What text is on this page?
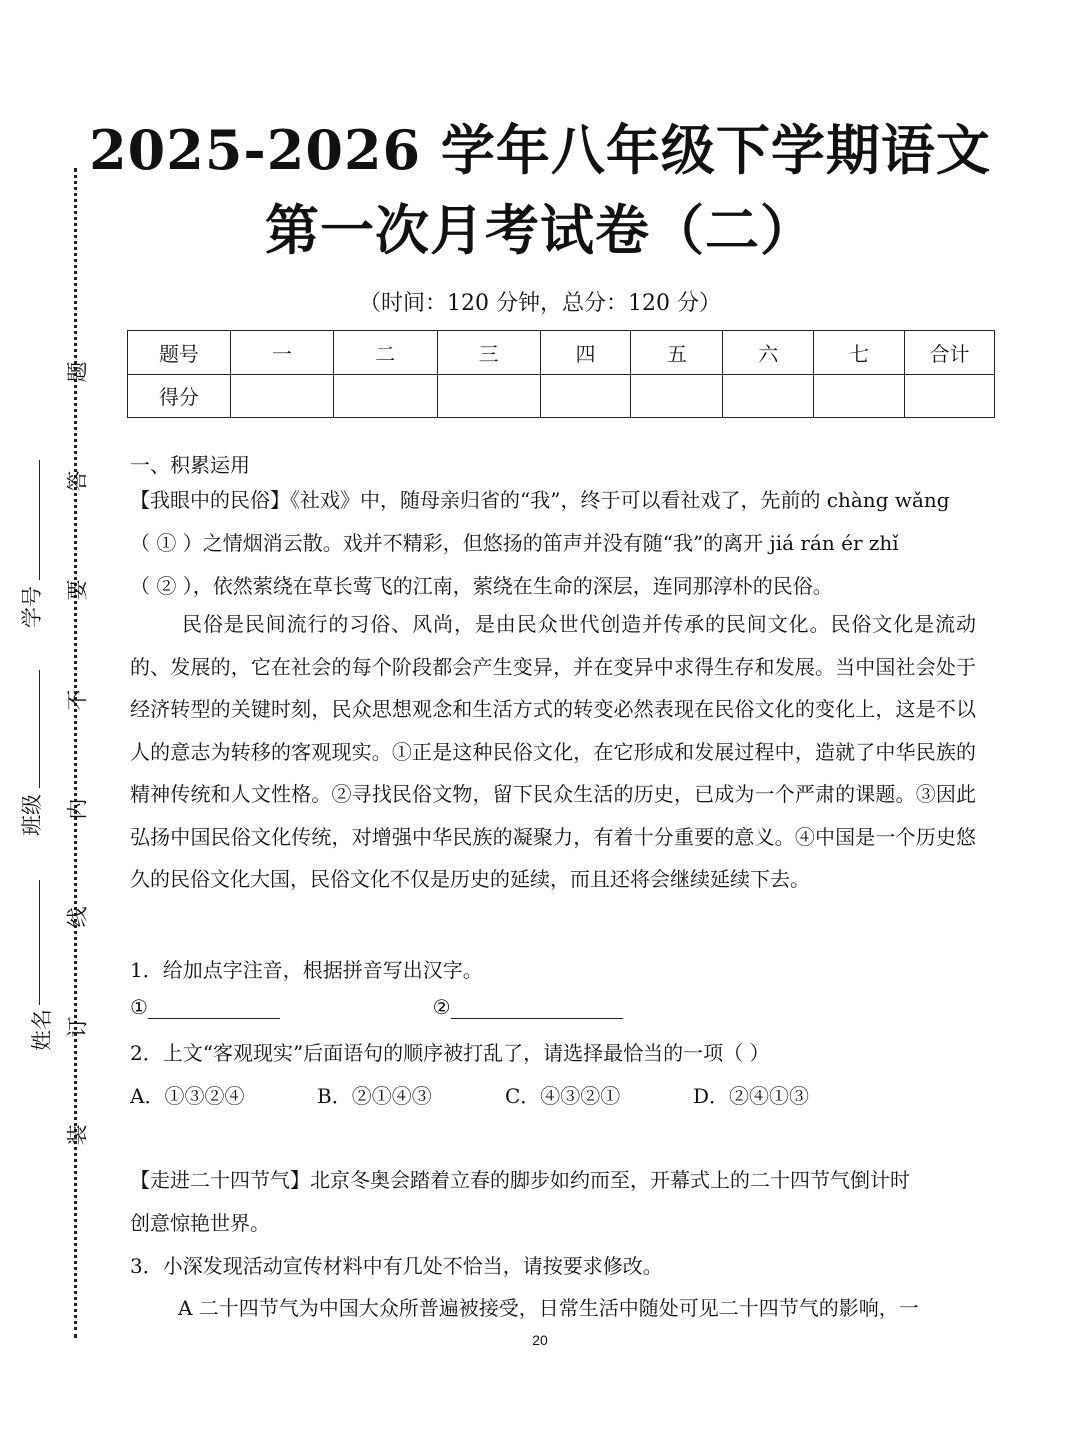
装
订
线
内
不
要
答
题
姓名
班级
学号
2025-2026 学年八年级下学期语文
第一次月考试卷（二）
（时间：120 分钟，总分：120 分）
题号	一	二	三	四	五	六	七	合计
得分								
一、积累运用
【我眼中的民俗】《社戏》中，随母亲归省的“我”，终于可以看社戏了，先前的 chàng wǎng
（ ① ）之情烟消云散。戏并不精彩，但悠扬的笛声并没有随“我”的离开 jiá rán ér zhǐ
（ ② ），依然萦绕在草长莺飞的江南，萦绕在生命的深层，连同那淳朴的民俗。
民俗是民间流行的习俗、风尚，是由民众世代创造并传承的民间文化。民俗文化是流动的、发展的，它在社会的每个阶段都会产生变异，并在变异中求得生存和发展。当中国社会处于经济转型的关键时刻，民众思想观念和生活方式的转变必然表现在民俗文化的变化上，这是不以人的意志为转移的客观现实。①正是这种民俗文化，在它形成和发展过程中，造就了中华民族的精神传统和人文性格。②寻找民俗文物，留下民众生活的历史，已成为一个严肃的课题。③因此弘扬中国民俗文化传统，对增强中华民族的凝聚力，有着十分重要的意义。④中国是一个历史悠久的民俗文化大国，民俗文化不仅是历史的延续，而且还将会继续延续下去。
1．给加点字注音，根据拼音写出汉字。
①	②
2．上文“客观现实”后面语句的顺序被打乱了，请选择最恰当的一项（ ）
A．①③②④	B．②①④③	C．④③②①	D．②④①③
【走进二十四节气】北京冬奥会踏着立春的脚步如约而至，开幕式上的二十四节气倒计时
创意惊艳世界。
3．小深发现活动宣传材料中有几处不恰当，请按要求修改。
A 二十四节气为中国大众所普遍被接受，日常生活中随处可见二十四节气的影响，一
20
